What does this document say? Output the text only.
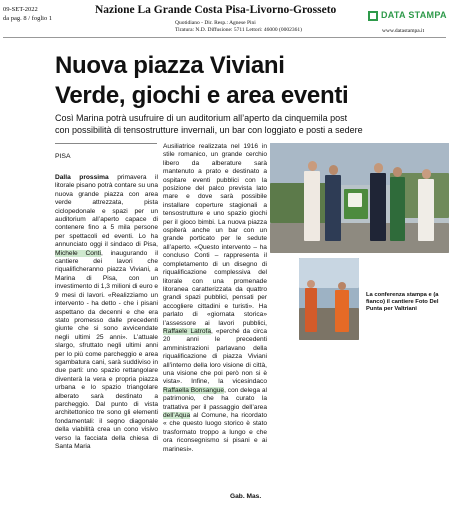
09-SET-2022
da pag. 8 / foglio 1
Nazione La Grande Costa Pisa-Livorno-Grosseto
Quotidiano - Dir. Resp.: Agnese Pini
Tiratura: N.D. Diffusione: 5711 Lettori: 46000 (0002361)
DATA STAMPA
www.datastampa.it
Nuova piazza Viviani
Verde, giochi e area eventi
Così Marina potrà usufruire di un auditorium all’aperto da cinquemila post
con possibilità di tensostrutture invernali, un bar con loggiato e posti a sedere
PISA

Dalla prossima primavera il litorale pisano potrà contare su una nuova grande piazza con area verde attrezzata, pista ciclopedonale e spazi per un auditorium all’aperto capace di contenere fino a 5 mila persone per spettacoli ed eventi. Lo ha annunciato oggi il sindaco di Pisa, Michele Conti, inaugurando il cantiere dei lavori che riqualificheranno piazza Viviani, a Marina di Pisa, con un investimento di 1,3 milioni di euro e 9 mesi di lavori. «Realizziamo un intervento - ha detto - che i pisani aspettano da decenni e che era stato promesso dalle precedenti giunte che si sono avvicendate negli ultimi 25 anni». L’attuale slargo, sfruttato negli ultimi anni per lo più come parcheggio e area sgambatura cani, sarà suddiviso in due parti: uno spazio rettangolare diventerà la vera e propria piazza urbana e lo spazio triangolare alberato sarà destinato a parcheggio. Dal punto di vista architettonico tre sono gli elementi fondamentali: il segno diagonale della viabilità crea un cono visivo verso la facciata della chiesa di Santa Maria

Ausiliatrice realizzata nel 1916 in stile romanico, un grande cerchio libero da alberature sarà mantenuto a prato e destinato a ospitare eventi pubblici con la posizione del palco prevista lato mare e dove sarà possibile installare coperture stagionali a tensostrutture e uno spazio giochi per il gioco bimbi. La nuova piazza ospiterà anche un bar con un grande porticato per le sedute all’aperto. «Questo intervento – ha concluso Conti – rappresenta il completamento di un disegno di riqualificazione complessiva del litorale con una promenade litoranea caratterizzata da quattro grandi spazi pubblici, pensati per accogliere cittadini e turisti». Ha parlato di «giornata storica» l’assessore ai lavori pubblici, Raffaele Latrofa, «perché da circa 20 anni le precedenti amministrazioni parlavano della riqualificazione di piazza Viviani all’interno della loro visione di città, una visione che poi però non si è vista». Infine, la vicesindaco Raffaella Bonsangue, con delega al patrimonio, che ha curato la trattativa per il passaggio dell’area dell’Aqua al Comune, ha ricordato « che questo luogo storico è stato trasformato troppo a lungo e che ora riconsegnismo si pisani e ai marinesi».

Gab. Mas.
La conferenza stampa e (a fianco) il cantiere Foto Del Punta per Valtriani
